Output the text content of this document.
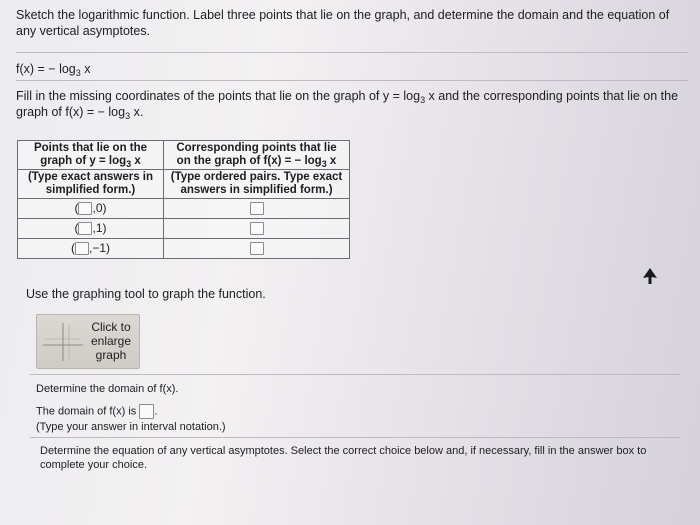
Sketch the logarithmic function. Label three points that lie on the graph, and determine the domain and the equation of any vertical asymptotes.
f(x) = − $\log_3 x$
Fill in the missing coordinates of the points that lie on the graph of $y = \log_3 x$ and the corresponding points that lie on the graph of f(x) = − $\log_3 x$.
Points that lie on the graph of $y = \log_3 x$	Corresponding points that lie on the graph of f(x) = − $\log_3 x$
(Type exact answers in simplified form.)	(Type ordered pairs. Type exact answers in simplified form.)
( ,0)	
( ,1)	
( ,−1)	
Use the graphing tool to graph the function.
Click to enlarge graph
Determine the domain of f(x).
The domain of f(x) is .
(Type your answer in interval notation.)
Determine the equation of any vertical asymptotes. Select the correct choice below and, if necessary, fill in the answer box to complete your choice.
